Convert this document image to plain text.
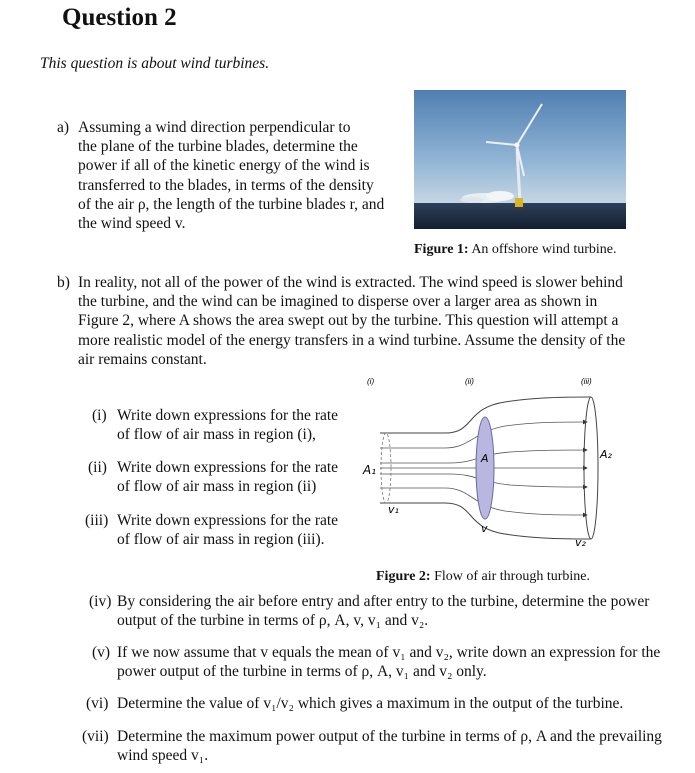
Question 2
This question is about wind turbines.
a) Assuming a wind direction perpendicular to
the plane of the turbine blades, determine the
power if all of the kinetic energy of the wind is
transferred to the blades, in terms of the density
of the air ρ, the length of the turbine blades r, and
the wind speed v.
Figure 1: An offshore wind turbine.
b) In reality, not all of the power of the wind is extracted. The wind speed is slower behind
the turbine, and the wind can be imagined to disperse over a larger area as shown in
Figure 2, where A shows the area swept out by the turbine. This question will attempt a
more realistic model of the energy transfers in a wind turbine. Assume the density of the
air remains constant.
(i) Write down expressions for the rate
of flow of air mass in region (i),
(ii) Write down expressions for the rate
of flow of air mass in region (ii)
(iii) Write down expressions for the rate
of flow of air mass in region (iii).
(i)	(ii)	(iii)
A₁
A	A₂
v₁
v
v₂
Figure 2: Flow of air through turbine.
(iv) By considering the air before entry and after entry to the turbine, determine the power
output of the turbine in terms of ρ, A, v, v₁ and v₂.
(v) If we now assume that v equals the mean of v₁ and v₂, write down an expression for the
power output of the turbine in terms of ρ, A, v₁ and v₂ only.
(vi) Determine the value of v₁/v₂ which gives a maximum in the output of the turbine.
(vii) Determine the maximum power output of the turbine in terms of ρ, A and the prevailing
wind speed v₁.
